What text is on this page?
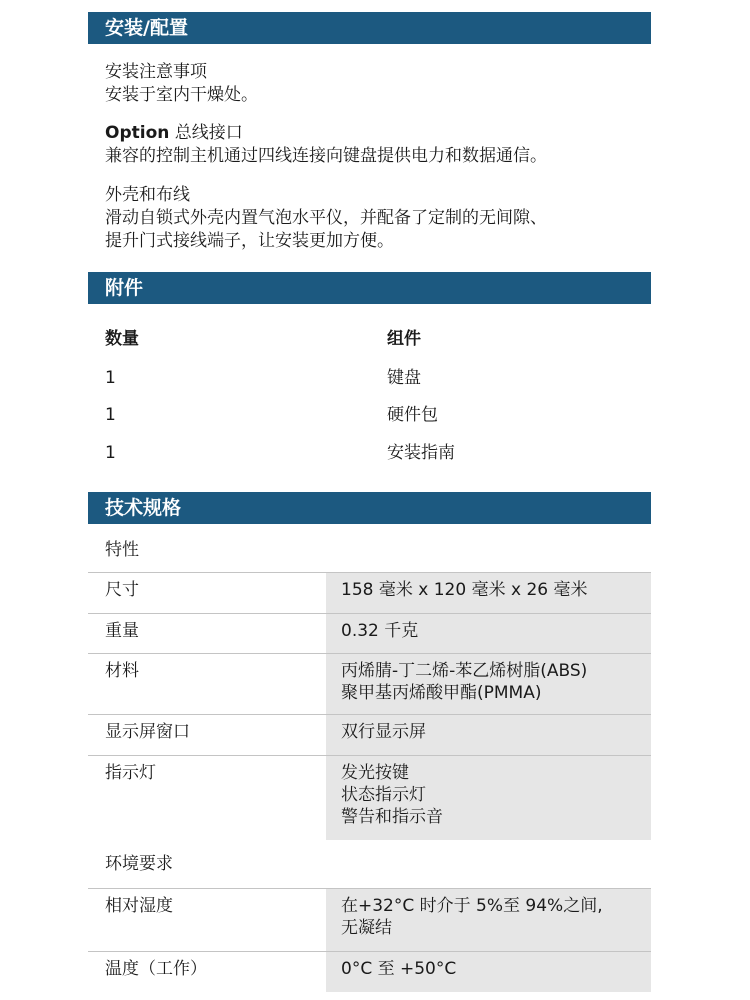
安装/配置
安装注意事项
安装于室内干燥处。
Option 总线接口
兼容的控制主机通过四线连接向键盘提供电力和数据通信。
外壳和布线
滑动自锁式外壳内置气泡水平仪，并配备了定制的无间隙、
提升门式接线端子，让安装更加方便。
附件
数量	组件
1	键盘
1	硬件包
1	安装指南
技术规格
特性
尺寸	158 毫米 x 120 毫米 x 26 毫米
重量	0.32 千克
材料	丙烯腈-丁二烯-苯乙烯树脂(ABS)
聚甲基丙烯酸甲酯(PMMA)
显示屏窗口	双行显示屏
指示灯	发光按键
状态指示灯
警告和指示音
环境要求
相对湿度	在+32°C 时介于 5%至 94%之间,
无凝结
温度（工作）	0°C 至 +50°C
